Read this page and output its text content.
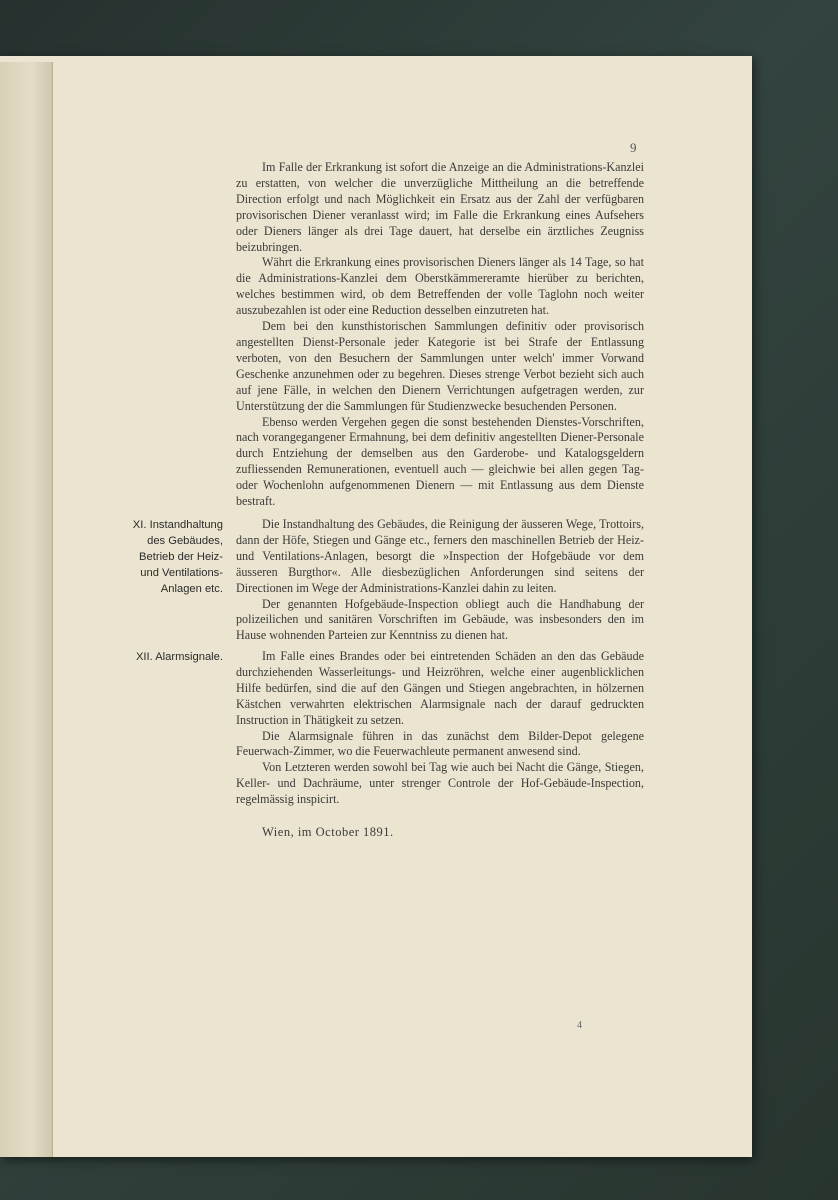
9

Im Falle der Erkrankung ist sofort die Anzeige an die Administrations-Kanzlei zu erstatten, von welcher die unverzügliche Mittheilung an die betreffende Direction erfolgt und nach Möglichkeit ein Ersatz aus der Zahl der verfügbaren provisorischen Diener veranlasst wird; im Falle die Erkrankung eines Aufsehers oder Dieners länger als drei Tage dauert, hat derselbe ein ärztliches Zeugniss beizubringen.

Währt die Erkrankung eines provisorischen Dieners länger als 14 Tage, so hat die Administrations-Kanzlei dem Oberstkämmereramte hierüber zu berichten, welches bestimmen wird, ob dem Betreffenden der volle Taglohn noch weiter auszubezahlen ist oder eine Reduction desselben einzutreten hat.

Dem bei den kunsthistorischen Sammlungen definitiv oder provisorisch angestellten Dienst-Personale jeder Kategorie ist bei Strafe der Entlassung verboten, von den Besuchern der Sammlungen unter welch' immer Vorwand Geschenke anzunehmen oder zu begehren. Dieses strenge Verbot bezieht sich auch auf jene Fälle, in welchen den Dienern Verrichtungen aufgetragen werden, zur Unterstützung der die Sammlungen für Studienzwecke besuchenden Personen.

Ebenso werden Vergehen gegen die sonst bestehenden Dienstes-Vorschriften, nach vorangegangener Ermahnung, bei dem definitiv angestellten Diener-Personale durch Entziehung der demselben aus den Garderobe- und Katalogsgeldern zufliessenden Remunerationen, eventuell auch — gleichwie bei allen gegen Tag- oder Wochenlohn aufgenommenen Dienern — mit Entlassung aus dem Dienste bestraft.

XI. Instandhaltung
des Gebäudes,
Betrieb der Heiz-
und Ventilations-
Anlagen etc.

Die Instandhaltung des Gebäudes, die Reinigung der äusseren Wege, Trottoirs, dann der Höfe, Stiegen und Gänge etc., ferners den maschinellen Betrieb der Heiz- und Ventilations-Anlagen, besorgt die »Inspection der Hofgebäude vor dem äusseren Burgthor«. Alle diesbezüglichen Anforderungen sind seitens der Directionen im Wege der Administrations-Kanzlei dahin zu leiten.

Der genannten Hofgebäude-Inspection obliegt auch die Handhabung der polizeilichen und sanitären Vorschriften im Gebäude, was insbesonders den im Hause wohnenden Parteien zur Kenntniss zu dienen hat.

XII. Alarmsignale.	Im Falle eines Brandes oder bei eintretenden Schäden an den das Gebäude durchziehenden Wasserleitungs- und Heizröhren, welche einer augenblicklichen Hilfe bedürfen, sind die auf den Gängen und Stiegen angebrachten, in hölzernen Kästchen verwahrten elektrischen Alarmsignale nach der darauf gedruckten Instruction in Thätigkeit zu setzen.

Die Alarmsignale führen in das zunächst dem Bilder-Depot gelegene Feuerwach-Zimmer, wo die Feuerwachleute permanent anwesend sind.

Von Letzteren werden sowohl bei Tag wie auch bei Nacht die Gänge, Stiegen, Keller- und Dachräume, unter strenger Controle der Hof-Gebäude-Inspection, regelmässig inspicirt.

Wien, im October 1891.
4
